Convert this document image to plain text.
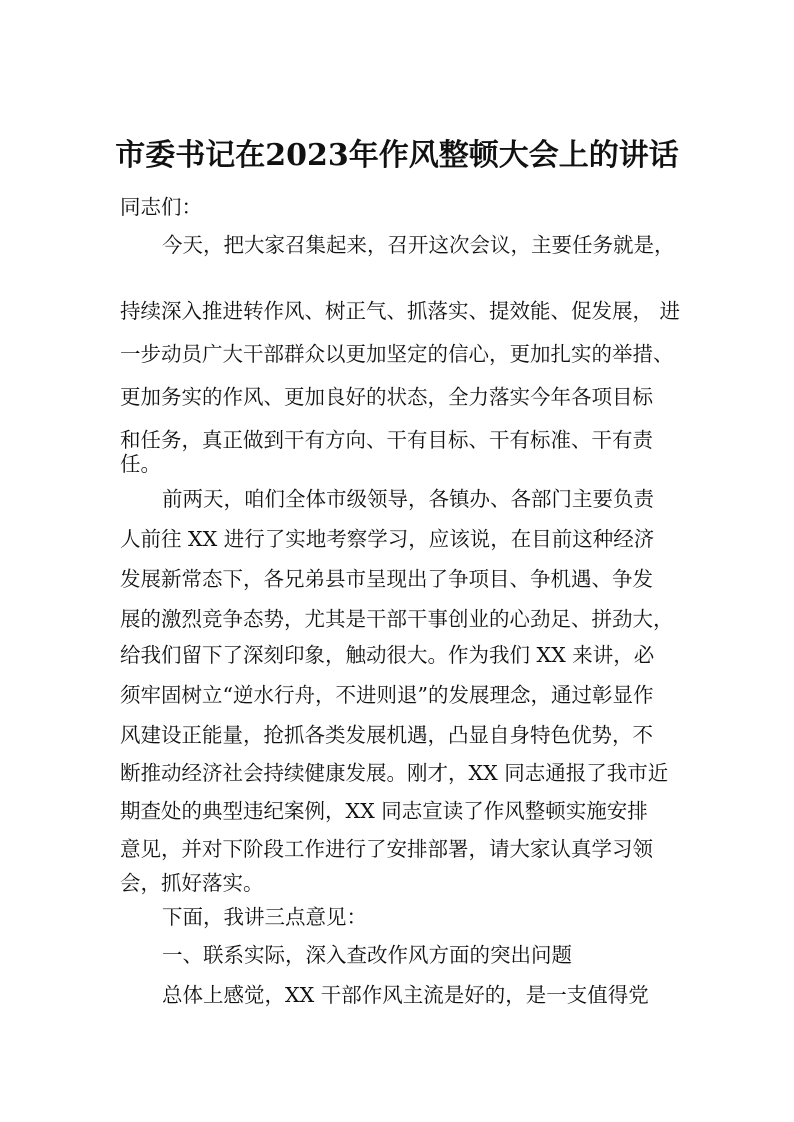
市委书记在2023年作风整顿大会上的讲话
同志们：
今天，把大家召集起来，召开这次会议，主要任务就是，
持续深入推进转作风、树正气、抓落实、提效能、促发展， 进
一步动员广大干部群众以更加坚定的信心，更加扎实的举措、
更加务实的作风、更加良好的状态，全力落实今年各项目标
和任务，真正做到干有方向、干有目标、干有标准、干有责
任。
前两天，咱们全体市级领导，各镇办、各部门主要负责
人前往 XX 进行了实地考察学习，应该说，在目前这种经济
发展新常态下，各兄弟县市呈现出了争项目、争机遇、争发
展的激烈竞争态势，尤其是干部干事创业的心劲足、拼劲大，
给我们留下了深刻印象，触动很大。作为我们 XX 来讲，必
须牢固树立“逆水行舟，不进则退”的发展理念，通过彰显作
风建设正能量，抢抓各类发展机遇，凸显自身特色优势，不
断推动经济社会持续健康发展。刚才，XX 同志通报了我市近
期查处的典型违纪案例，XX 同志宣读了作风整顿实施安排
意见，并对下阶段工作进行了安排部署，请大家认真学习领
会，抓好落实。
下面，我讲三点意见：
一、联系实际，深入查改作风方面的突出问题
总体上感觉，XX 干部作风主流是好的，是一支值得党
